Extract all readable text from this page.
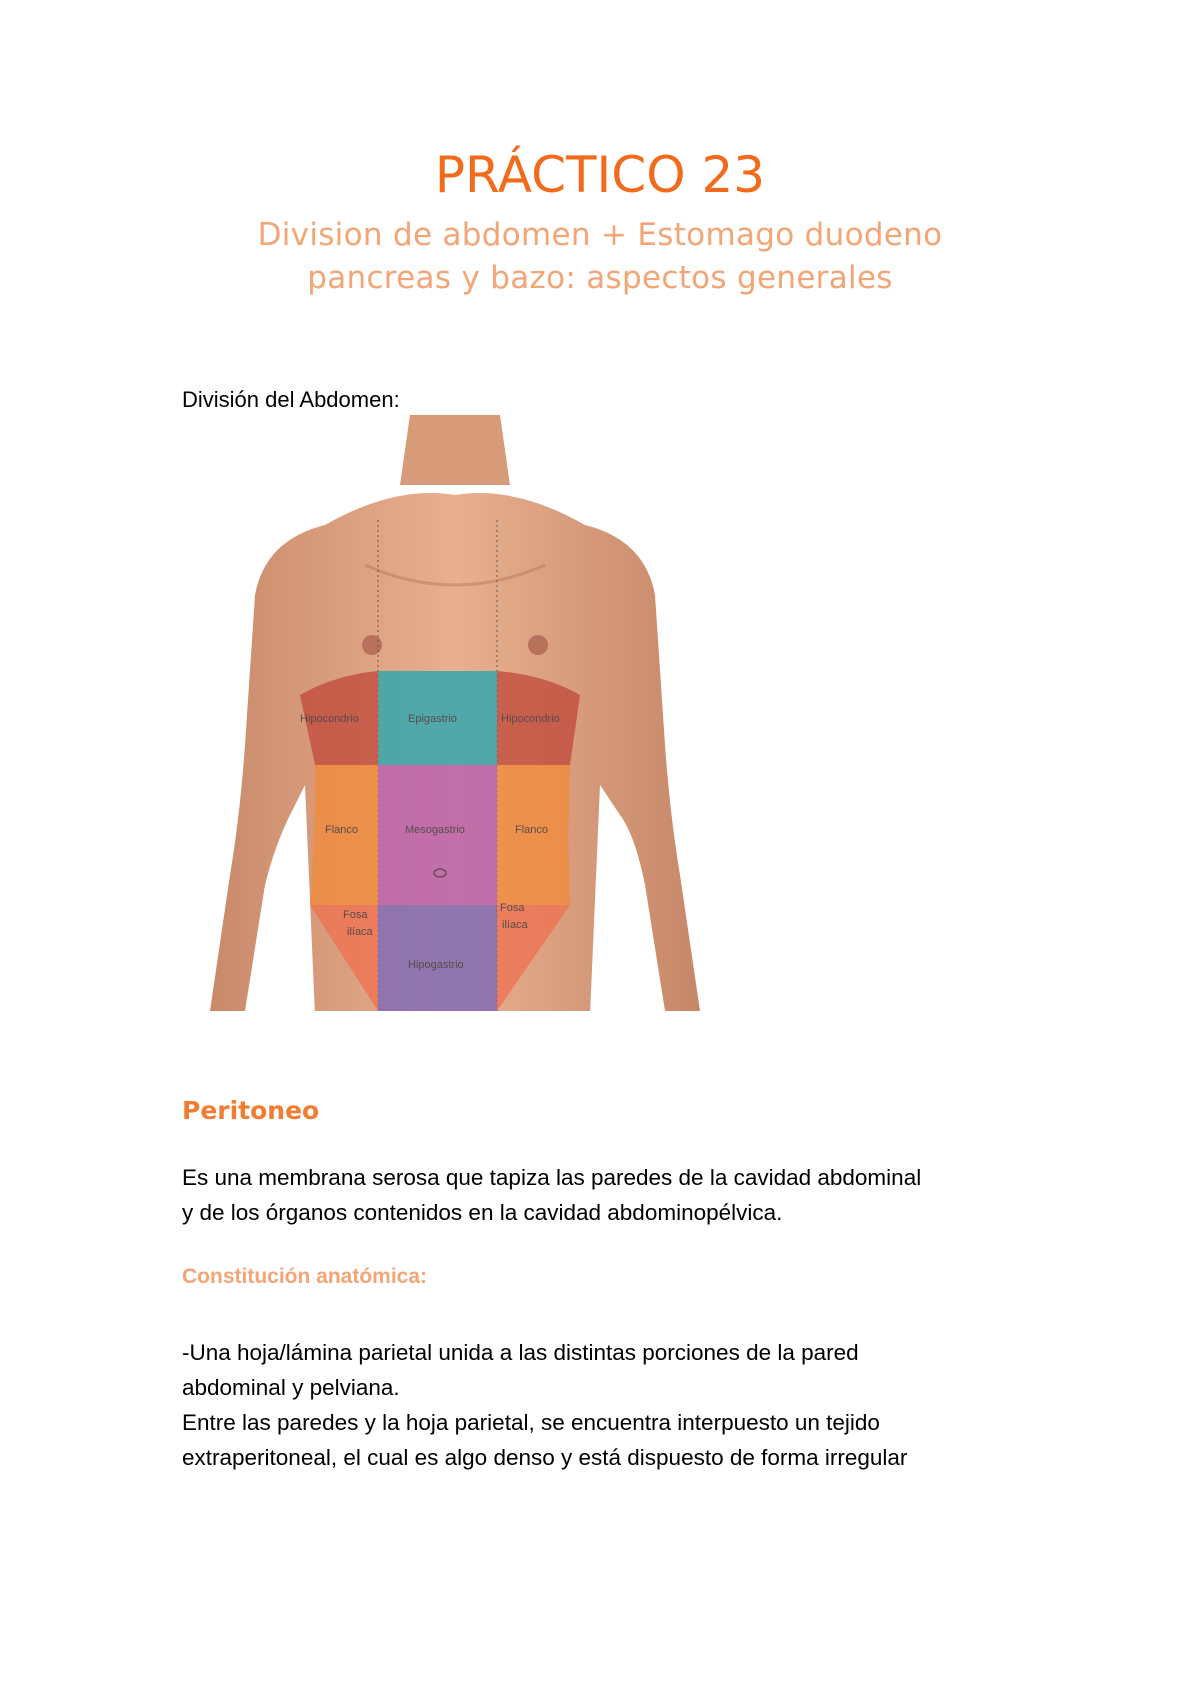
PRÁCTICO 23
Division de abdomen + Estomago duodeno
pancreas y bazo: aspectos generales
División del Abdomen:
Hipocondrio	Epigastrio	Hipocondrio
Flanco	Mesogastrio	Flanco
Fosa
ilíaca
Hipogastrio
Fosa
ilíaca
Peritoneo
Es una membrana serosa que tapiza las paredes de la cavidad abdominal
y de los órganos contenidos en la cavidad abdominopélvica.
Constitución anatómica:
-Una hoja/lámina parietal unida a las distintas porciones de la pared
abdominal y pelviana.
Entre las paredes y la hoja parietal, se encuentra interpuesto un tejido
extraperitoneal, el cual es algo denso y está dispuesto de forma irregular
